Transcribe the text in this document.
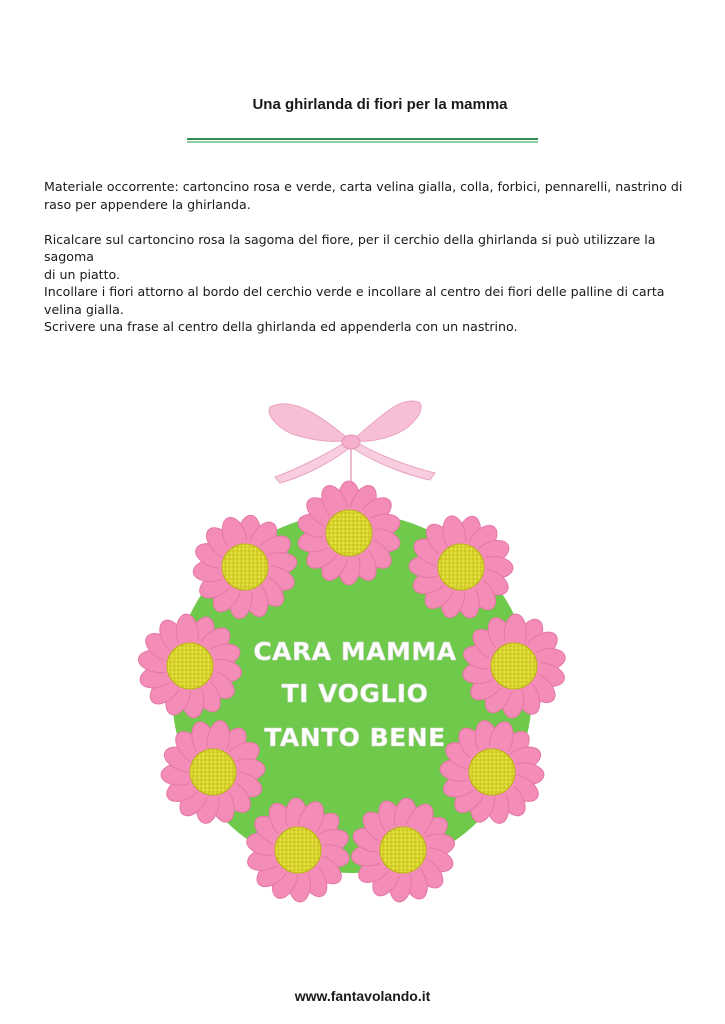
Una ghirlanda di fiori per la mamma

Materiale occorrente: cartoncino rosa e verde, carta velina gialla, colla, forbici, pennarelli, nastrino di

raso per appendere la ghirlanda.

Ricalcare sul cartoncino rosa la sagoma del fiore, per il cerchio della ghirlanda si può utilizzare la sagoma

di un piatto.

Incollare i fiori attorno al bordo del cerchio verde e incollare al centro dei fiori delle palline di carta

velina gialla.

Scrivere una frase al centro della ghirlanda ed appenderla con un nastrino.

CARA MAMMA
TI VOGLIO
TANTO BENE
www.fantavolando.it
